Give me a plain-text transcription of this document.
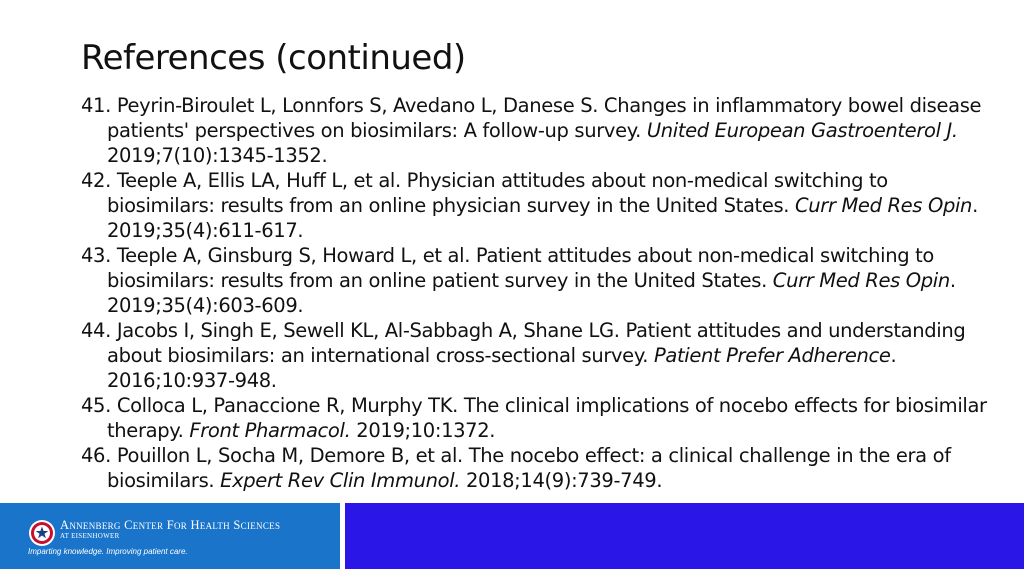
References (continued)
41. Peyrin-Biroulet L, Lonnfors S, Avedano L, Danese S. Changes in inflammatory bowel disease patients' perspectives on biosimilars: A follow-up survey. United European Gastroenterol J. 2019;7(10):1345-1352.
42. Teeple A, Ellis LA, Huff L, et al. Physician attitudes about non-medical switching to biosimilars: results from an online physician survey in the United States. Curr Med Res Opin. 2019;35(4):611-617.
43. Teeple A, Ginsburg S, Howard L, et al. Patient attitudes about non-medical switching to biosimilars: results from an online patient survey in the United States. Curr Med Res Opin. 2019;35(4):603-609.
44. Jacobs I, Singh E, Sewell KL, Al-Sabbagh A, Shane LG. Patient attitudes and understanding about biosimilars: an international cross-sectional survey. Patient Prefer Adherence. 2016;10:937-948.
45. Colloca L, Panaccione R, Murphy TK. The clinical implications of nocebo effects for biosimilar therapy. Front Pharmacol. 2019;10:1372.
46. Pouillon L, Socha M, Demore B, et al. The nocebo effect: a clinical challenge in the era of biosimilars. Expert Rev Clin Immunol. 2018;14(9):739-749.
Annenberg Center For Health Sciences
AT EISENHOWER
Imparting knowledge. Improving patient care.
